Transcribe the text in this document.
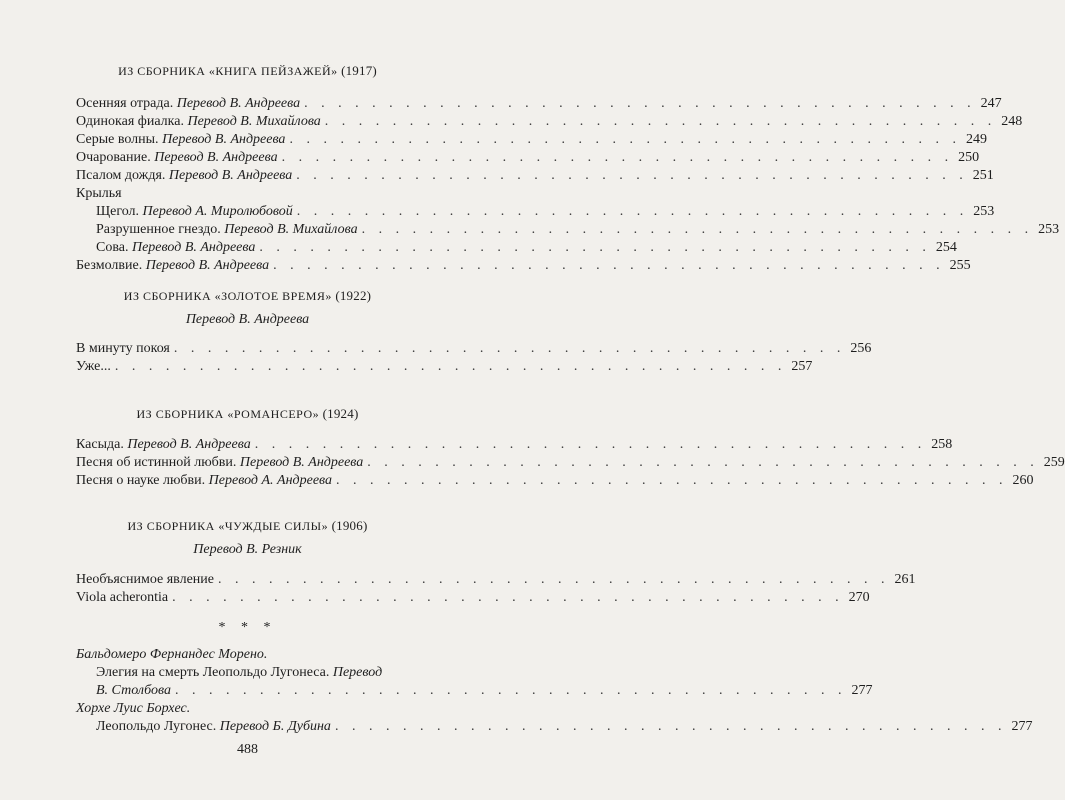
ИЗ СБОРНИКА «КНИГА ПЕЙЗАЖЕЙ» (1917)
Осенняя отрада. Перевод В. Андреева . . . . . . . . . . . . . . . . . . . . . . . . . . . . . . . . . . . . . . . . 247
Одинокая фиалка. Перевод В. Михайлова . . . . . . . . . . . . . . . . . . . . . . . . . . . . . . . . . . . . . . . . 248
Серые волны. Перевод В. Андреева . . . . . . . . . . . . . . . . . . . . . . . . . . . . . . . . . . . . . . . . 249
Очарование. Перевод В. Андреева . . . . . . . . . . . . . . . . . . . . . . . . . . . . . . . . . . . . . . . . 250
Псалом дождя. Перевод В. Андреева . . . . . . . . . . . . . . . . . . . . . . . . . . . . . . . . . . . . . . . . 251
Крылья
Щегол. Перевод А. Миролюбовой . . . . . . . . . . . . . . . . . . . . . . . . . . . . . . . . . . . . . . . . 253
Разрушенное гнездо. Перевод В. Михайлова . . . . . . . . . . . . . . . . . . . . . . . . . . . . . . . . . . . . . . . . 253
Сова. Перевод В. Андреева . . . . . . . . . . . . . . . . . . . . . . . . . . . . . . . . . . . . . . . . 254
Безмолвие. Перевод В. Андреева . . . . . . . . . . . . . . . . . . . . . . . . . . . . . . . . . . . . . . . . 255
ИЗ СБОРНИКА «ЗОЛОТОЕ ВРЕМЯ» (1922)
Перевод В. Андреева
В минуту покоя . . . . . . . . . . . . . . . . . . . . . . . . . . . . . . . . . . . . . . . . 256
Уже... . . . . . . . . . . . . . . . . . . . . . . . . . . . . . . . . . . . . . . . . 257
ИЗ СБОРНИКА «РОМАНСЕРО» (1924)
Касыда. Перевод В. Андреева . . . . . . . . . . . . . . . . . . . . . . . . . . . . . . . . . . . . . . . . 258
Песня об истинной любви. Перевод В. Андреева . . . . . . . . . . . . . . . . . . . . . . . . . . . . . . . . . . . . . . . . 259
Песня о науке любви. Перевод А. Андреева . . . . . . . . . . . . . . . . . . . . . . . . . . . . . . . . . . . . . . . . 260
ИЗ СБОРНИКА «ЧУЖДЫЕ СИЛЫ» (1906)
Перевод В. Резник
Необъяснимое явление . . . . . . . . . . . . . . . . . . . . . . . . . . . . . . . . . . . . . . . . 261
Viola acherontia . . . . . . . . . . . . . . . . . . . . . . . . . . . . . . . . . . . . . . . . 270
* * *
Бальдомеро Фернандес Морено.
Элегия на смерть Леопольдо Лугонеса. Перевод
В. Столбова . . . . . . . . . . . . . . . . . . . . . . . . . . . . . . . . . . . . . . . . 277
Хорхе Луис Борхес.
Леопольдо Лугонес. Перевод Б. Дубина . . . . . . . . . . . . . . . . . . . . . . . . . . . . . . . . . . . . . . . . 277
488
